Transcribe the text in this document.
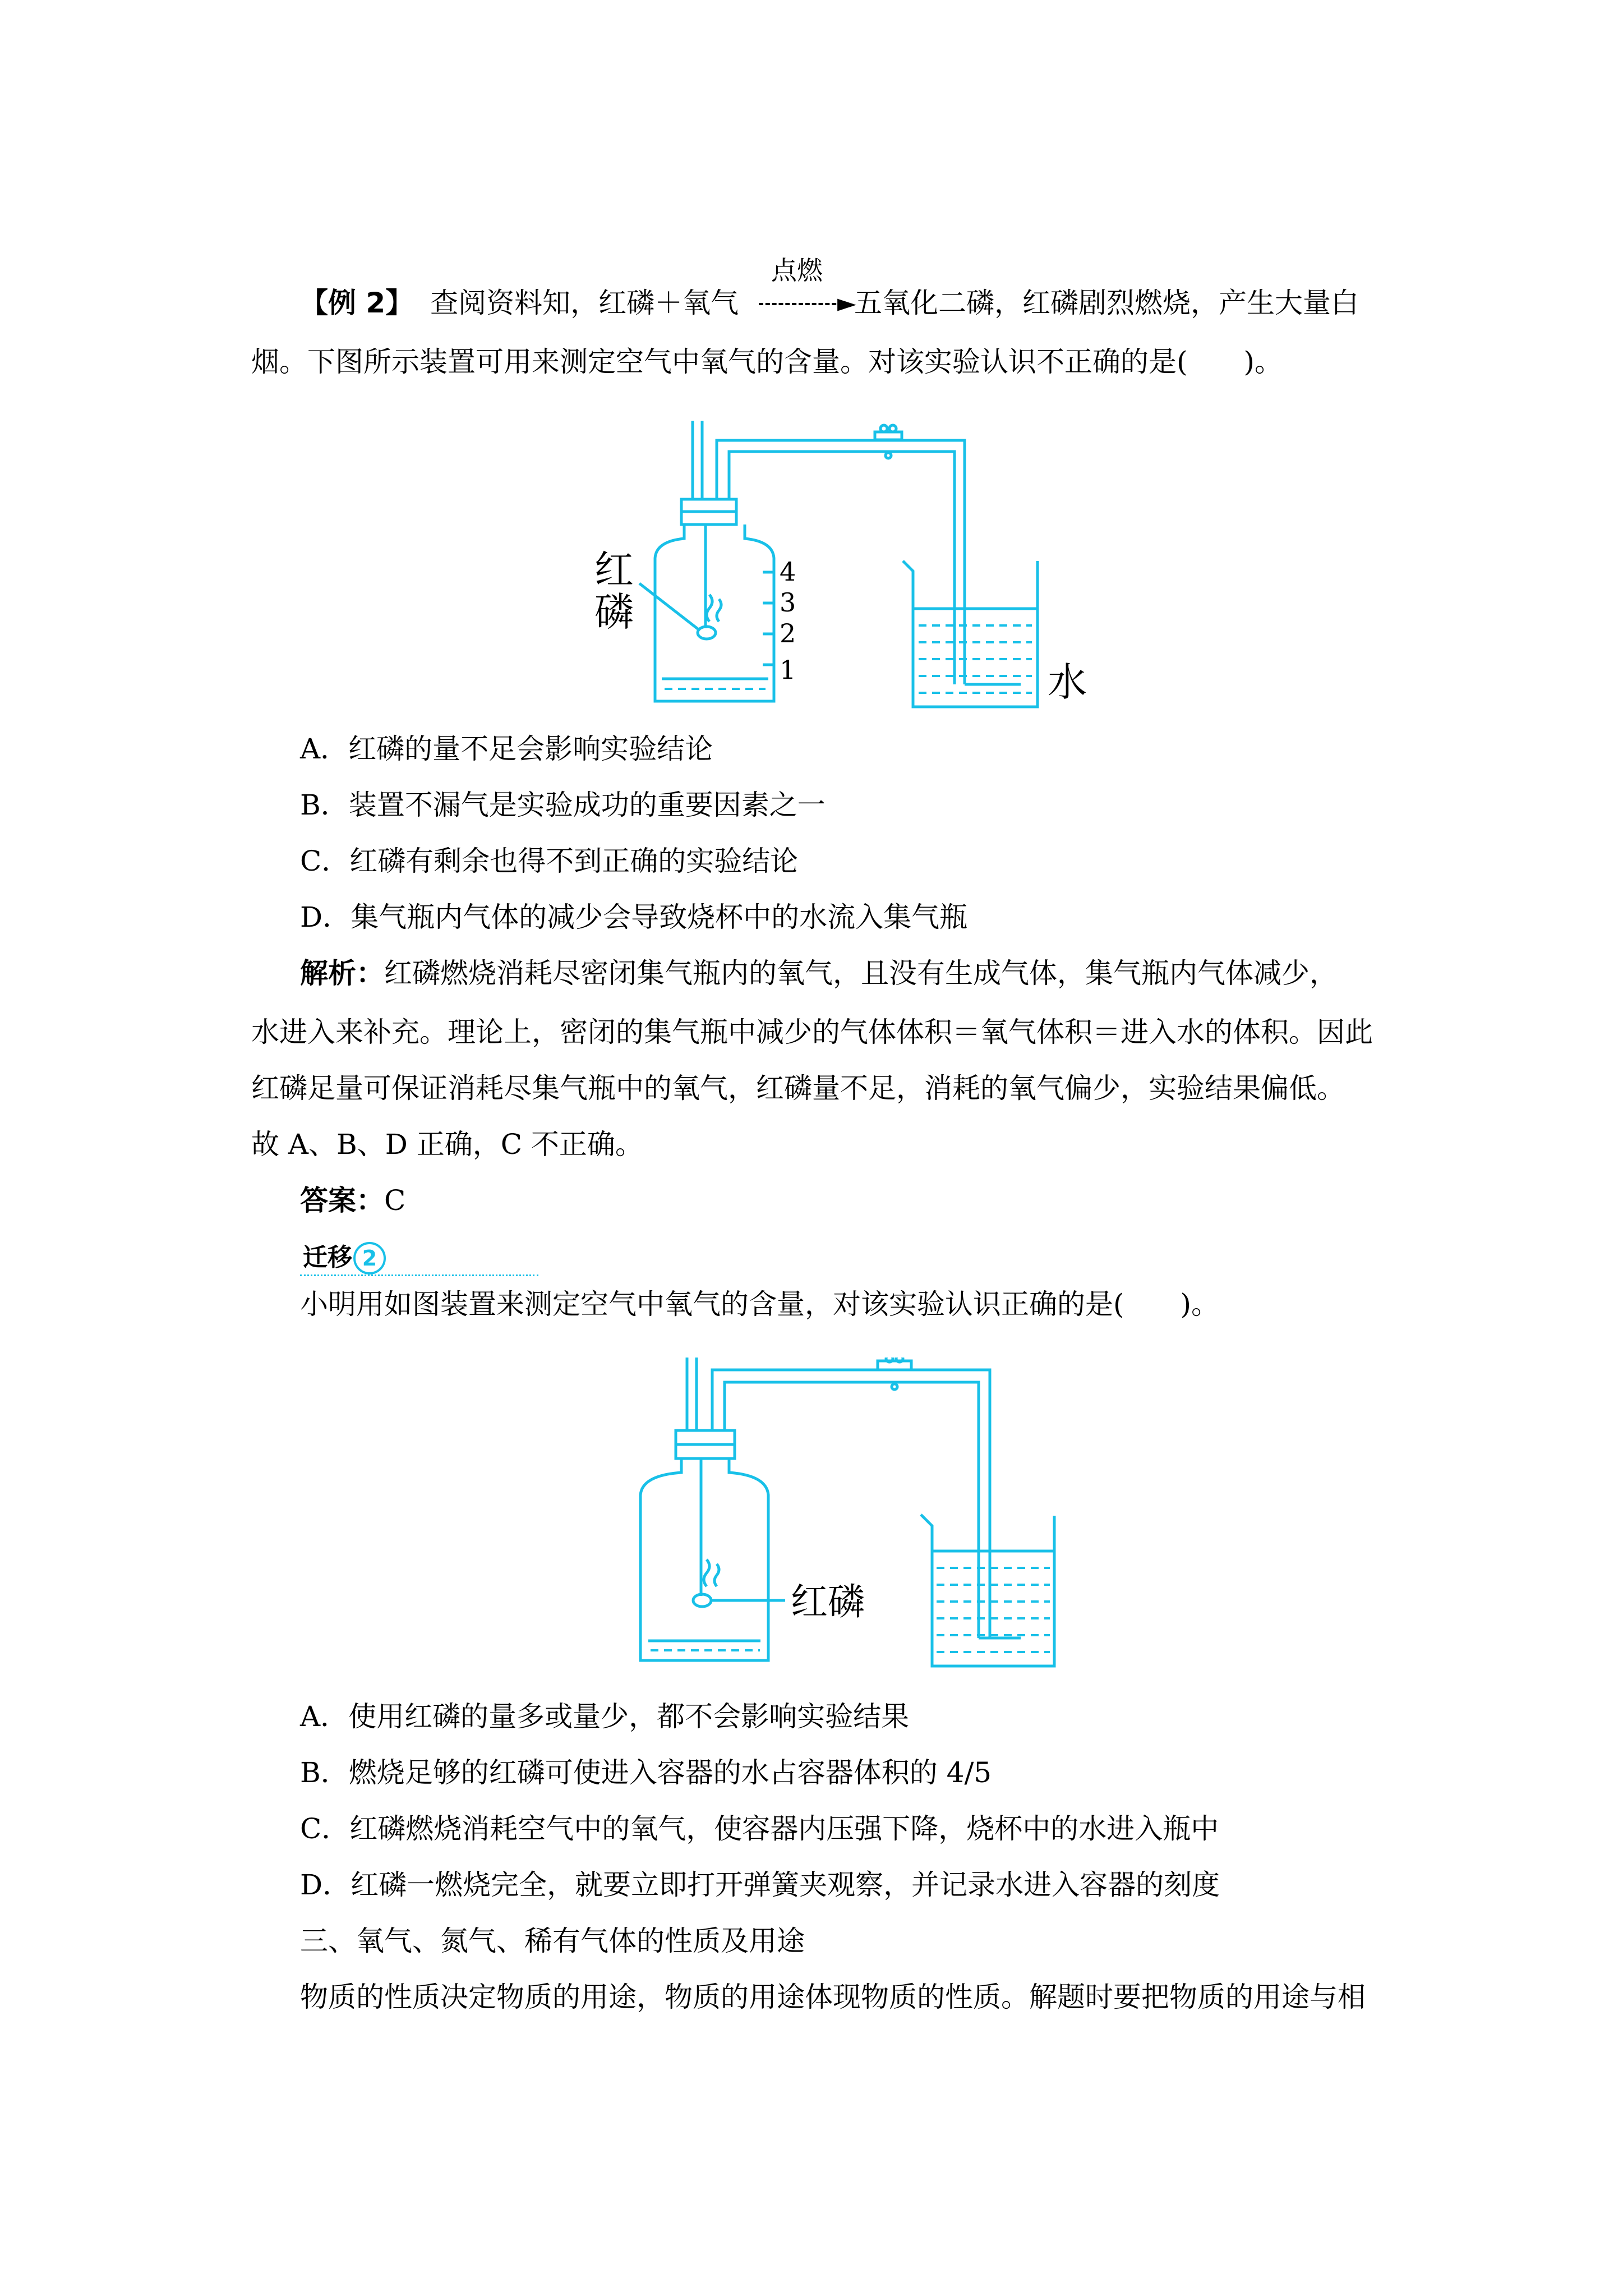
【例 2】 查阅资料知，红磷＋氧气
点燃
►
五氧化二磷，红磷剧烈燃烧，产生大量白
烟。下图所示装置可用来测定空气中氧气的含量。对该实验认识不正确的是(　　)。
红
磷
4
3
2
1	水
A．红磷的量不足会影响实验结论
B．装置不漏气是实验成功的重要因素之一
C．红磷有剩余也得不到正确的实验结论
D．集气瓶内气体的减少会导致烧杯中的水流入集气瓶
解析：红磷燃烧消耗尽密闭集气瓶内的氧气，且没有生成气体，集气瓶内气体减少，
水进入来补充。理论上，密闭的集气瓶中减少的气体体积＝氧气体积＝进入水的体积。因此
红磷足量可保证消耗尽集气瓶中的氧气，红磷量不足，消耗的氧气偏少，实验结果偏低。
故 A、B、D 正确，C 不正确。
答案：C
迁移 2
小明用如图装置来测定空气中氧气的含量，对该实验认识正确的是(　　)。
红磷
A．使用红磷的量多或量少，都不会影响实验结果
B．燃烧足够的红磷可使进入容器的水占容器体积的 4/5
C．红磷燃烧消耗空气中的氧气，使容器内压强下降，烧杯中的水进入瓶中
D．红磷一燃烧完全，就要立即打开弹簧夹观察，并记录水进入容器的刻度
三、氧气、氮气、稀有气体的性质及用途
物质的性质决定物质的用途，物质的用途体现物质的性质。解题时要把物质的用途与相
